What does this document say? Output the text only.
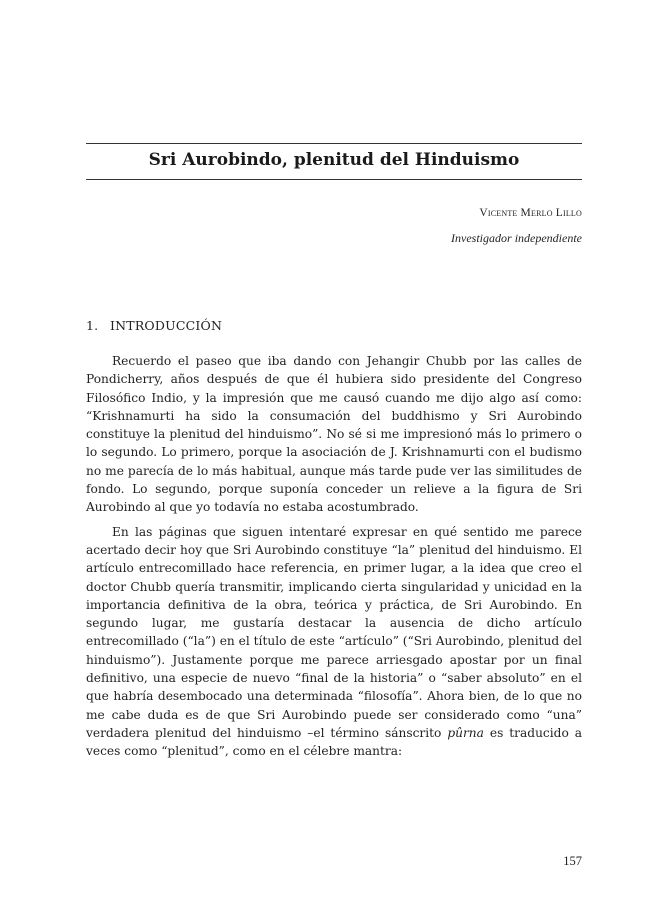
Sri Aurobindo, plenitud del Hinduismo
Vicente Merlo Lillo
Investigador independiente
1. INTRODUCCIÓN

Recuerdo el paseo que iba dando con Jehangir Chubb por las calles de Pondicherry, años después de que él hubiera sido presidente del Congreso Filosófico Indio, y la impresión que me causó cuando me dijo algo así como: “Krishnamurti ha sido la consumación del buddhismo y Sri Aurobindo constituye la plenitud del hinduismo”. No sé si me impresionó más lo primero o lo segundo. Lo primero, porque la asociación de J. Krishnamurti con el budismo no me parecía de lo más habitual, aunque más tarde pude ver las similitudes de fondo. Lo segundo, porque suponía conceder un relieve a la figura de Sri Aurobindo al que yo todavía no estaba acostumbrado.

En las páginas que siguen intentaré expresar en qué sentido me parece acertado decir hoy que Sri Aurobindo constituye “la” plenitud del hinduismo. El artículo entrecomillado hace referencia, en primer lugar, a la idea que creo el doctor Chubb quería transmitir, implicando cierta singularidad y unicidad en la importancia definitiva de la obra, teórica y práctica, de Sri Aurobindo. En segundo lugar, me gustaría destacar la ausencia de dicho artículo entrecomillado (“la”) en el título de este “artículo” (“Sri Aurobindo, plenitud del hinduismo”). Justamente porque me parece arriesgado apostar por un final definitivo, una especie de nuevo “final de la historia” o “saber absoluto” en el que habría desembocado una determinada “filosofía”. Ahora bien, de lo que no me cabe duda es de que Sri Aurobindo puede ser considerado como “una” verdadera plenitud del hinduismo –el término sánscrito pûrna es traducido a veces como “plenitud”, como en el célebre mantra:

157
